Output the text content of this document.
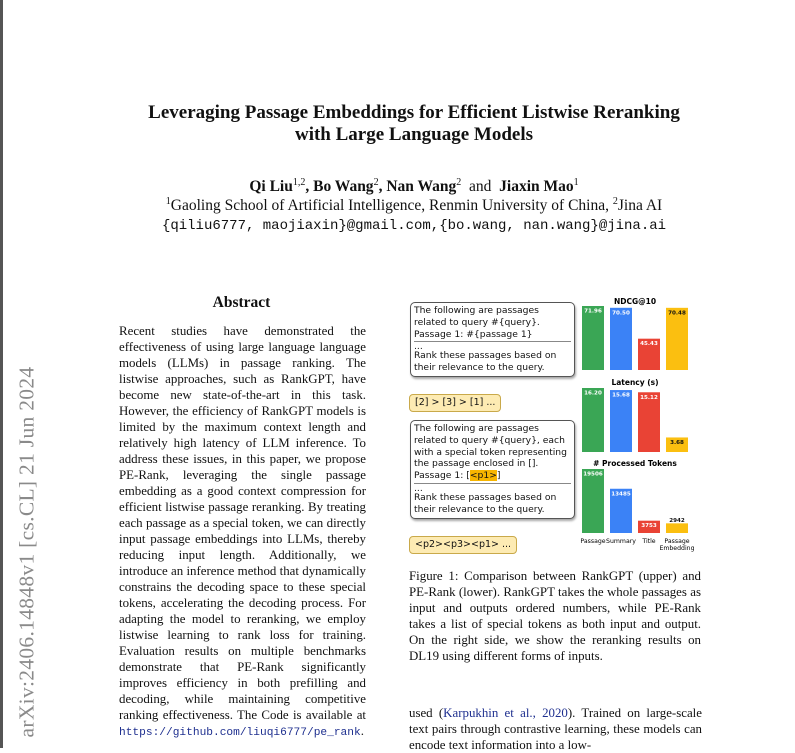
arXiv:2406.14848v1 [cs.CL] 21 Jun 2024
Leveraging Passage Embeddings for Efficient Listwise Reranking
with Large Language Models
Qi Liu$^{1,2}$, Bo Wang$^2$, Nan Wang$^2$ and Jiaxin Mao$^1$
$^1$Gaoling School of Artificial Intelligence, Renmin University of China, $^2$Jina AI
{qiliu6777, maojiaxin}@gmail.com,{bo.wang, nan.wang}@jina.ai
Abstract
Recent studies have demonstrated the effectiveness of using large language language models (LLMs) in passage ranking. The listwise approaches, such as RankGPT, have become new state-of-the-art in this task. However, the efficiency of RankGPT models is limited by the maximum context length and relatively high latency of LLM inference. To address these issues, in this paper, we propose PE-Rank, leveraging the single passage embedding as a good context compression for efficient listwise passage reranking. By treating each passage as a special token, we can directly input passage embeddings into LLMs, thereby reducing input length. Additionally, we introduce an inference method that dynamically constrains the decoding space to these special tokens, accelerating the decoding process. For adapting the model to reranking, we employ listwise learning to rank loss for training. Evaluation results on multiple benchmarks demonstrate that PE-Rank significantly improves efficiency in both prefilling and decoding, while maintaining competitive ranking effectiveness. The Code is available at https://github.com/liuqi6777/pe_rank.
The following are passages
related to query #{query}.
Passage 1: #{passage 1}
...
Rank these passages based on
their relevance to the query.
[2] > [3] > [1] ...
The following are passages
related to query #{query}, each
with a special token representing
the passage enclosed in [].
Passage 1: [<p1>]
...
Rank these passages based on
their relevance to the query.
<p2><p3><p1> ...
NDCG@10
Latency (s)
# Processed Tokens
71.96 70.50
45.43
70.48
16.20 15.68 15.12
3.68
19506
13485
3753
2942
Passage Summary Title Passage
Embedding
Figure 1: Comparison between RankGPT (upper) and PE-Rank (lower). RankGPT takes the whole passages as input and outputs ordered numbers, while PE-Rank takes a list of special tokens as both input and output. On the right side, we show the reranking results on DL19 using different forms of inputs.
used (Karpukhin et al., 2020). Trained on large-scale text pairs through contrastive learning, these models can encode text information into a low-
